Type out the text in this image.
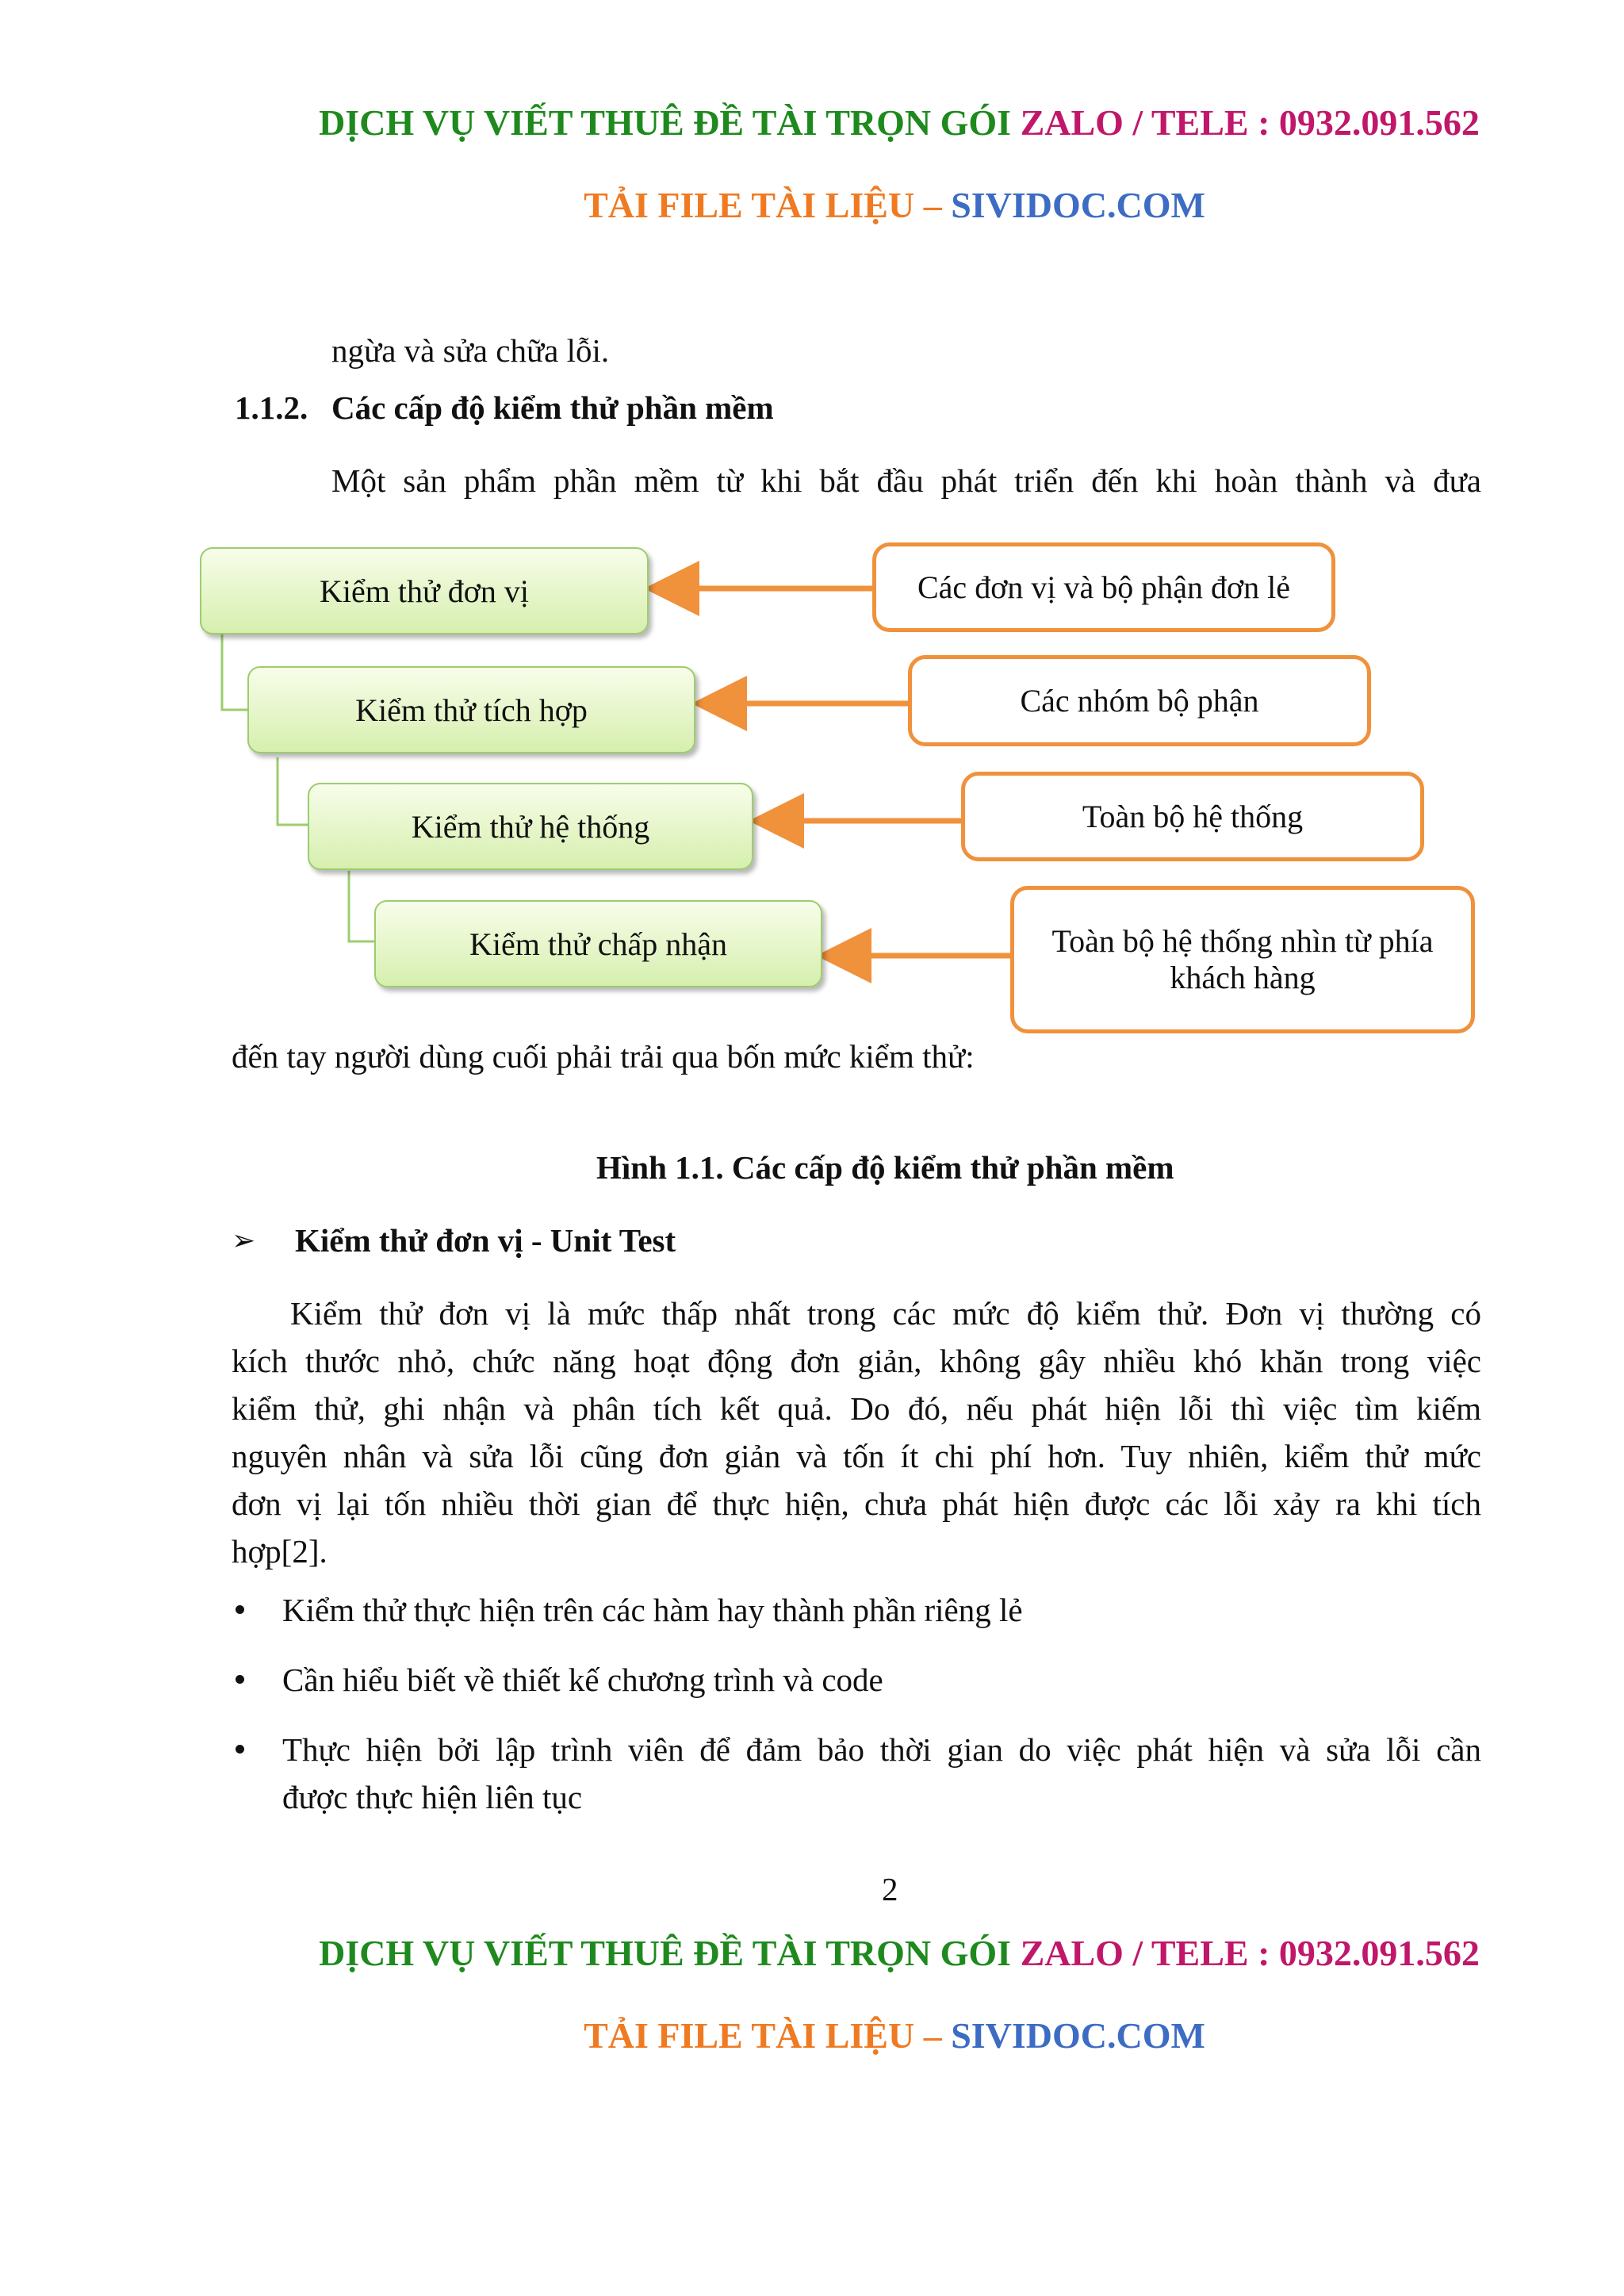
DỊCH VỤ VIẾT THUÊ ĐỀ TÀI TRỌN GÓI ZALO / TELE : 0932.091.562
TẢI FILE TÀI LIỆU – SIVIDOC.COM
ngừa và sửa chữa lỗi.
1.1.2. Các cấp độ kiểm thử phần mềm
Một sản phẩm phần mềm từ khi bắt đầu phát triển đến khi hoàn thành và đưa
Kiểm thử đơn vị
Kiểm thử tích hợp
Kiểm thử hệ thống
Kiểm thử chấp nhận
Các đơn vị và bộ phận đơn lẻ
Các nhóm bộ phận
Toàn bộ hệ thống
Toàn bộ hệ thống nhìn từ phía
khách hàng
đến tay người dùng cuối phải trải qua bốn mức kiểm thử:
Hình 1.1. Các cấp độ kiểm thử phần mềm
➢ Kiểm thử đơn vị - Unit Test
Kiểm thử đơn vị là mức thấp nhất trong các mức độ kiểm thử. Đơn vị thường có
kích thước nhỏ, chức năng hoạt động đơn giản, không gây nhiều khó khăn trong việc
kiểm thử, ghi nhận và phân tích kết quả. Do đó, nếu phát hiện lỗi thì việc tìm kiếm
nguyên nhân và sửa lỗi cũng đơn giản và tốn ít chi phí hơn. Tuy nhiên, kiểm thử mức
đơn vị lại tốn nhiều thời gian để thực hiện, chưa phát hiện được các lỗi xảy ra khi tích
hợp[2].
Kiểm thử thực hiện trên các hàm hay thành phần riêng lẻ
Cần hiểu biết về thiết kế chương trình và code
Thực hiện bởi lập trình viên để đảm bảo thời gian do việc phát hiện và sửa lỗi cần
được thực hiện liên tục
2
DỊCH VỤ VIẾT THUÊ ĐỀ TÀI TRỌN GÓI ZALO / TELE : 0932.091.562
TẢI FILE TÀI LIỆU – SIVIDOC.COM
